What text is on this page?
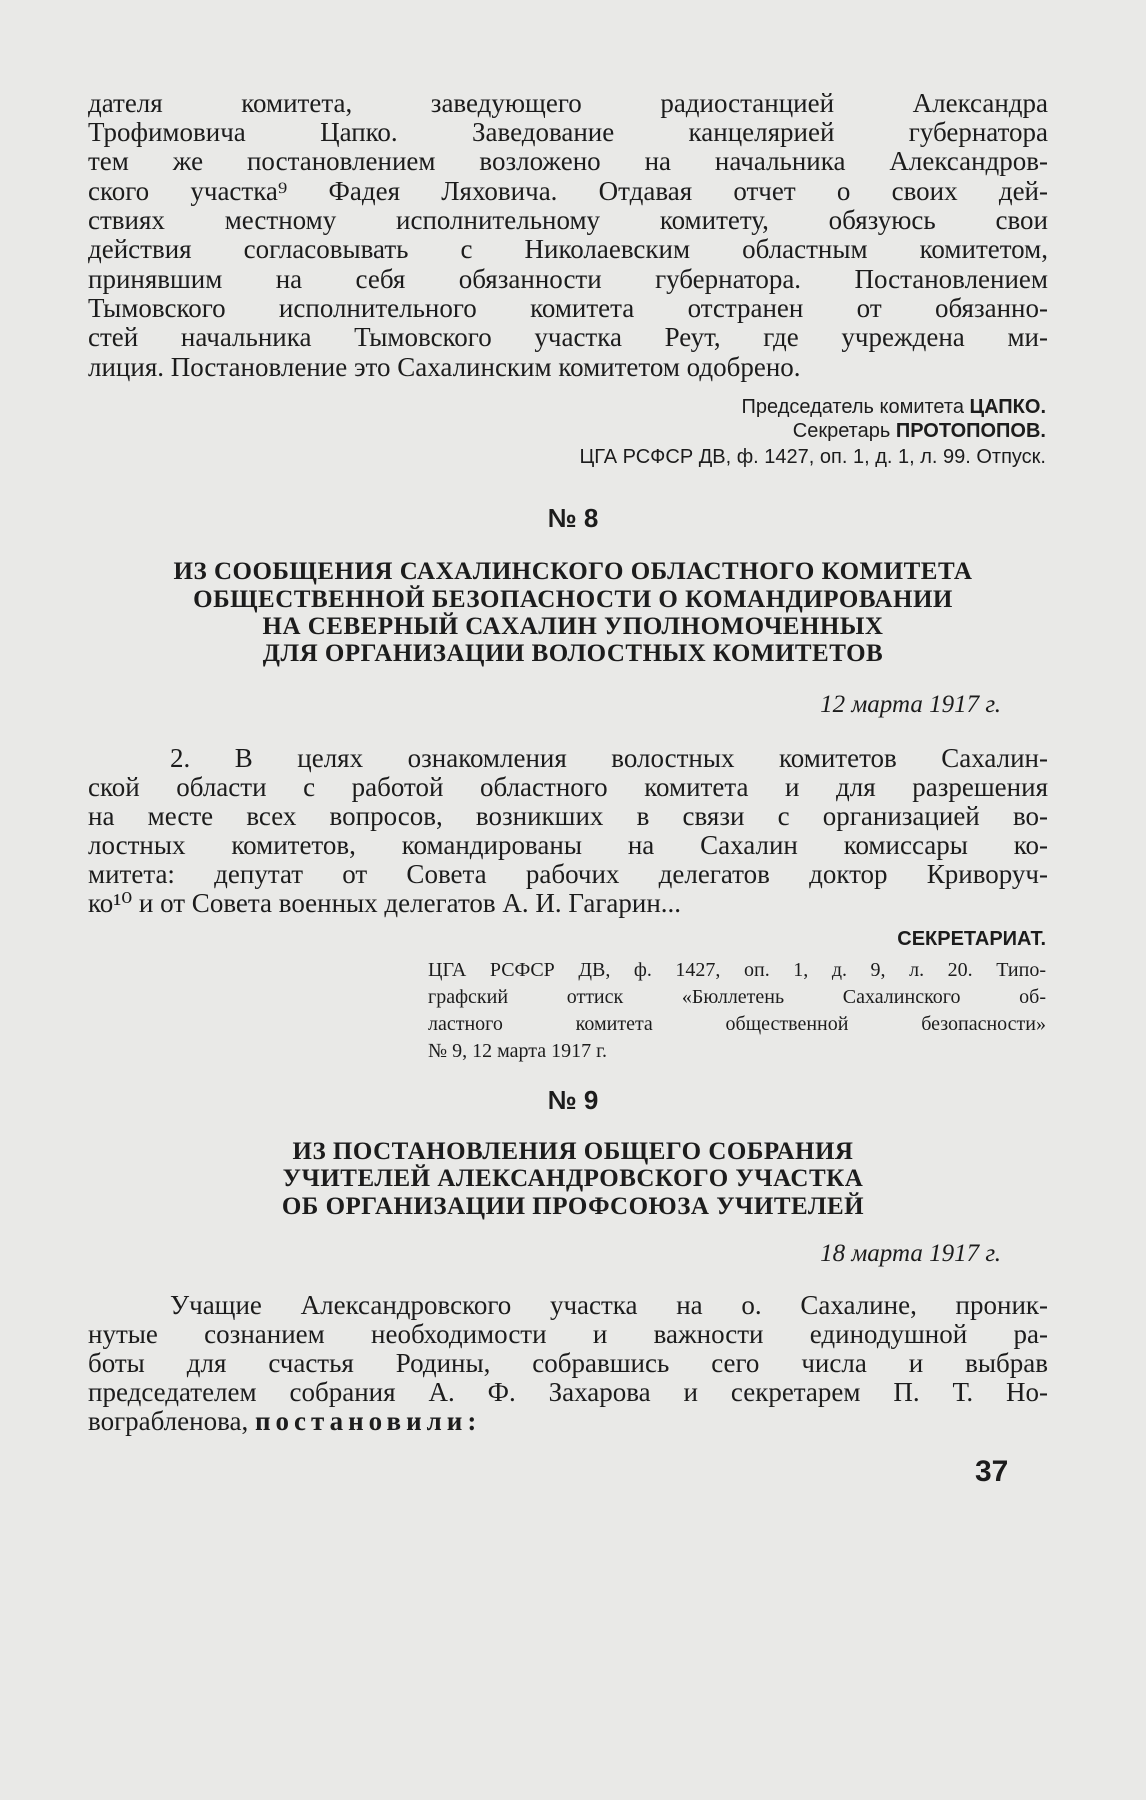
дателя комитета, заведующего радиостанцией Александра
Трофимовича Цапко. Заведование канцелярией губернатора
тем же постановлением возложено на начальника Александров-
ского участка⁹ Фадея Ляховича. Отдавая отчет о своих дей-
ствиях местному исполнительному комитету, обязуюсь свои
действия согласовывать с Николаевским областным комитетом,
принявшим на себя обязанности губернатора. Постановлением
Тымовского исполнительного комитета отстранен от обязанно-
стей начальника Тымовского участка Реут, где учреждена ми-
лиция. Постановление это Сахалинским комитетом одобрено.
Председатель комитета ЦАПКО.
Секретарь ПРОТОПОПОВ.
ЦГА РСФСР ДВ, ф. 1427, оп. 1, д. 1, л. 99. Отпуск.
№ 8
ИЗ СООБЩЕНИЯ САХАЛИНСКОГО ОБЛАСТНОГО КОМИТЕТА
ОБЩЕСТВЕННОЙ БЕЗОПАСНОСТИ О КОМАНДИРОВАНИИ
НА СЕВЕРНЫЙ САХАЛИН УПОЛНОМОЧЕННЫХ
ДЛЯ ОРГАНИЗАЦИИ ВОЛОСТНЫХ КОМИТЕТОВ
12 марта 1917 г.
2. В целях ознакомления волостных комитетов Сахалин-
ской области с работой областного комитета и для разрешения
на месте всех вопросов, возникших в связи с организацией во-
лостных комитетов, командированы на Сахалин комиссары ко-
митета: депутат от Совета рабочих делегатов доктор Криворуч-
ко¹⁰ и от Совета военных делегатов А. И. Гагарин...
СЕКРЕТАРИАТ.
ЦГА РСФСР ДВ, ф. 1427, оп. 1, д. 9, л. 20. Типо-
графский оттиск «Бюллетень Сахалинского об-
ластного комитета общественной безопасности»
№ 9, 12 марта 1917 г.
№ 9
ИЗ ПОСТАНОВЛЕНИЯ ОБЩЕГО СОБРАНИЯ
УЧИТЕЛЕЙ АЛЕКСАНДРОВСКОГО УЧАСТКА
ОБ ОРГАНИЗАЦИИ ПРОФСОЮЗА УЧИТЕЛЕЙ
18 марта 1917 г.
Учащие Александровского участка на о. Сахалине, проник-
нутые сознанием необходимости и важности единодушной ра-
боты для счастья Родины, собравшись сего числа и выбрав
председателем собрания А. Ф. Захарова и секретарем П. Т. Но-
вограбленова, постановили:
37
